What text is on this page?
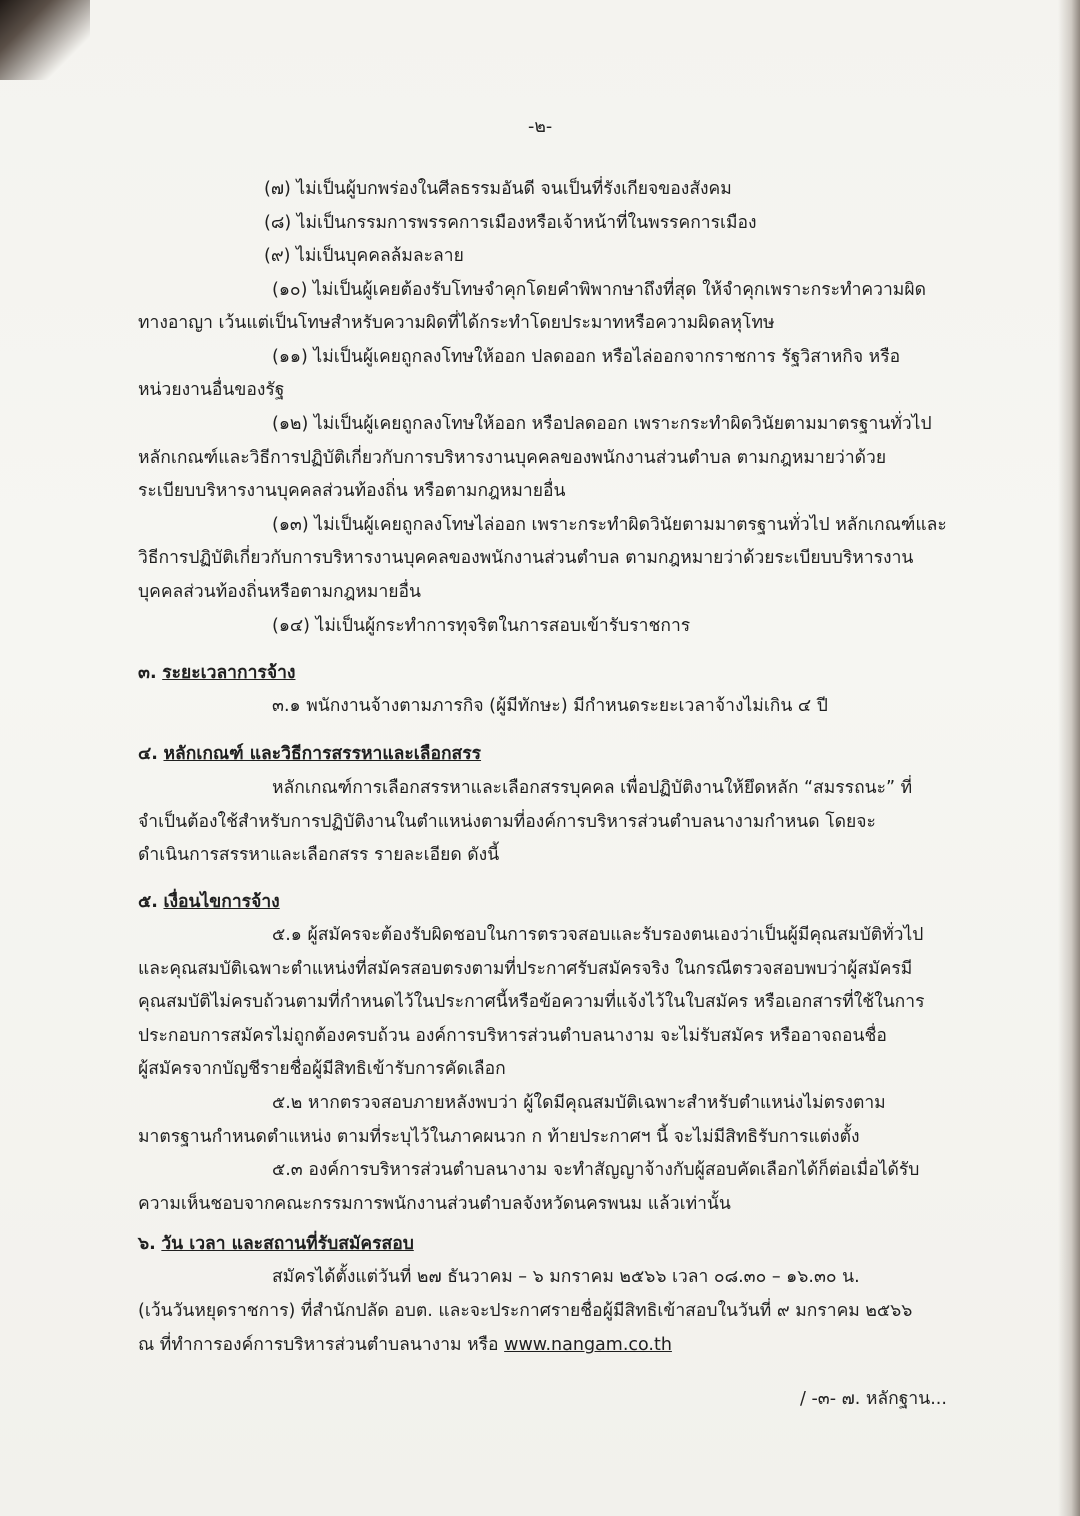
-๒-
(๗) ไม่เป็นผู้บกพร่องในศีลธรรมอันดี จนเป็นที่รังเกียจของสังคม
(๘) ไม่เป็นกรรมการพรรคการเมืองหรือเจ้าหน้าที่ในพรรคการเมือง
(๙) ไม่เป็นบุคคลล้มละลาย
(๑๐) ไม่เป็นผู้เคยต้องรับโทษจำคุกโดยคำพิพากษาถึงที่สุด ให้จำคุกเพราะกระทำความผิด
ทางอาญา เว้นแต่เป็นโทษสำหรับความผิดที่ได้กระทำโดยประมาทหรือความผิดลหุโทษ
(๑๑) ไม่เป็นผู้เคยถูกลงโทษให้ออก ปลดออก หรือไล่ออกจากราชการ รัฐวิสาหกิจ หรือ
หน่วยงานอื่นของรัฐ
(๑๒) ไม่เป็นผู้เคยถูกลงโทษให้ออก หรือปลดออก เพราะกระทำผิดวินัยตามมาตรฐานทั่วไป
หลักเกณฑ์และวิธีการปฏิบัติเกี่ยวกับการบริหารงานบุคคลของพนักงานส่วนตำบล ตามกฎหมายว่าด้วย
ระเบียบบริหารงานบุคคลส่วนท้องถิ่น หรือตามกฎหมายอื่น
(๑๓) ไม่เป็นผู้เคยถูกลงโทษไล่ออก เพราะกระทำผิดวินัยตามมาตรฐานทั่วไป หลักเกณฑ์และ
วิธีการปฏิบัติเกี่ยวกับการบริหารงานบุคคลของพนักงานส่วนตำบล ตามกฎหมายว่าด้วยระเบียบบริหารงาน
บุคคลส่วนท้องถิ่นหรือตามกฎหมายอื่น
(๑๔) ไม่เป็นผู้กระทำการทุจริตในการสอบเข้ารับราชการ
๓. ระยะเวลาการจ้าง
๓.๑ พนักงานจ้างตามภารกิจ (ผู้มีทักษะ) มีกำหนดระยะเวลาจ้างไม่เกิน ๔ ปี
๔. หลักเกณฑ์ และวิธีการสรรหาและเลือกสรร
หลักเกณฑ์การเลือกสรรหาและเลือกสรรบุคคล เพื่อปฏิบัติงานให้ยึดหลัก “สมรรถนะ” ที่
จำเป็นต้องใช้สำหรับการปฏิบัติงานในตำแหน่งตามที่องค์การบริหารส่วนตำบลนางามกำหนด โดยจะ
ดำเนินการสรรหาและเลือกสรร รายละเอียด ดังนี้
๕. เงื่อนไขการจ้าง
๕.๑ ผู้สมัครจะต้องรับผิดชอบในการตรวจสอบและรับรองตนเองว่าเป็นผู้มีคุณสมบัติทั่วไป
และคุณสมบัติเฉพาะตำแหน่งที่สมัครสอบตรงตามที่ประกาศรับสมัครจริง ในกรณีตรวจสอบพบว่าผู้สมัครมี
คุณสมบัติไม่ครบถ้วนตามที่กำหนดไว้ในประกาศนี้หรือข้อความที่แจ้งไว้ในใบสมัคร หรือเอกสารที่ใช้ในการ
ประกอบการสมัครไม่ถูกต้องครบถ้วน องค์การบริหารส่วนตำบลนางาม จะไม่รับสมัคร หรืออาจถอนชื่อ
ผู้สมัครจากบัญชีรายชื่อผู้มีสิทธิเข้ารับการคัดเลือก
๕.๒ หากตรวจสอบภายหลังพบว่า ผู้ใดมีคุณสมบัติเฉพาะสำหรับตำแหน่งไม่ตรงตาม
มาตรฐานกำหนดตำแหน่ง ตามที่ระบุไว้ในภาคผนวก ก ท้ายประกาศฯ นี้ จะไม่มีสิทธิรับการแต่งตั้ง
๕.๓ องค์การบริหารส่วนตำบลนางาม จะทำสัญญาจ้างกับผู้สอบคัดเลือกได้ก็ต่อเมื่อได้รับ
ความเห็นชอบจากคณะกรรมการพนักงานส่วนตำบลจังหวัดนครพนม แล้วเท่านั้น
๖. วัน เวลา และสถานที่รับสมัครสอบ
สมัครได้ตั้งแต่วันที่ ๒๗ ธันวาคม – ๖ มกราคม ๒๕๖๖ เวลา ๐๘.๓๐ – ๑๖.๓๐ น.
(เว้นวันหยุดราชการ) ที่สำนักปลัด อบต. และจะประกาศรายชื่อผู้มีสิทธิเข้าสอบในวันที่ ๙ มกราคม ๒๕๖๖
ณ ที่ทำการองค์การบริหารส่วนตำบลนางาม หรือ www.nangam.co.th
/ -๓- ๗. หลักฐาน...
